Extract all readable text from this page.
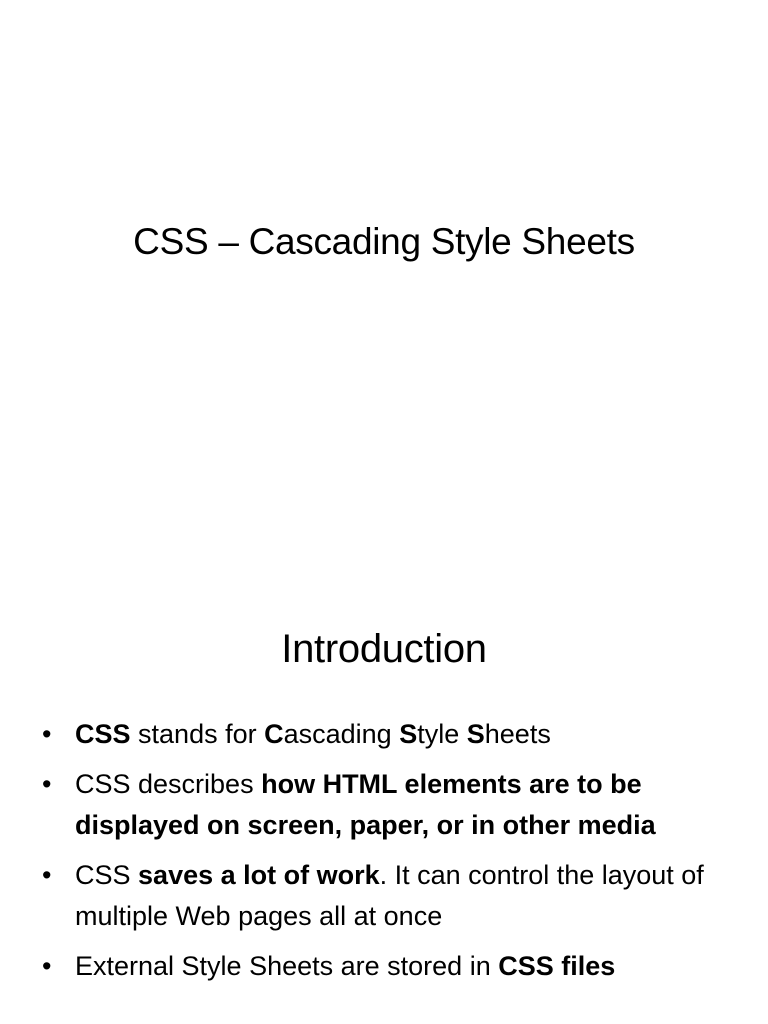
CSS – Cascading Style Sheets
Introduction
• CSS stands for Cascading Style Sheets
• CSS describes how HTML elements are to be displayed on screen, paper, or in other media
• CSS saves a lot of work. It can control the layout of multiple Web pages all at once
• External Style Sheets are stored in CSS files
